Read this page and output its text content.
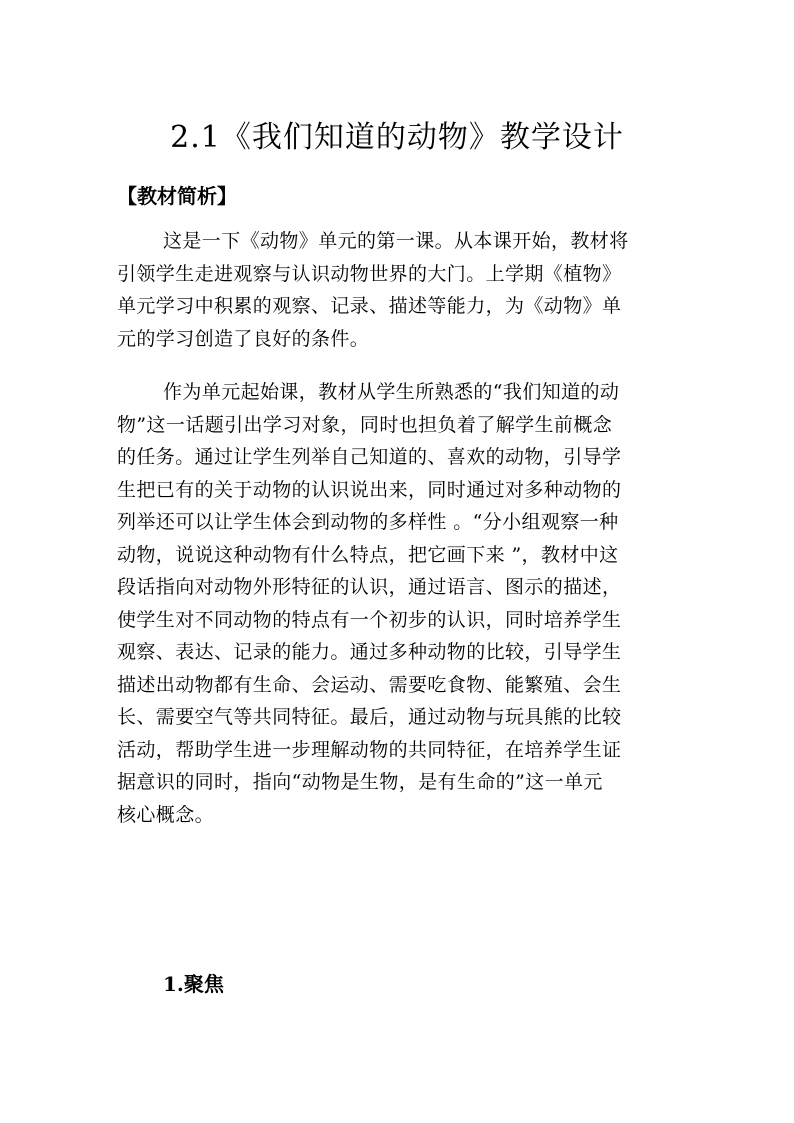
2.1《我们知道的动物》教学设计
【教材简析】
这是一下《动物》单元的第一课。从本课开始，教材将
引领学生走进观察与认识动物世界的大门。上学期《植物》
单元学习中积累的观察、记录、描述等能力，为《动物》单
元的学习创造了良好的条件。
作为单元起始课，教材从学生所熟悉的“我们知道的动
物”这一话题引出学习对象，同时也担负着了解学生前概念
的任务。通过让学生列举自己知道的、喜欢的动物，引导学
生把已有的关于动物的认识说出来，同时通过对多种动物的
列举还可以让学生体会到动物的多样性 。“分小组观察一种
动物，说说这种动物有什么特点，把它画下来 ”，教材中这
段话指向对动物外形特征的认识，通过语言、图示的描述，
使学生对不同动物的特点有一个初步的认识，同时培养学生
观察、表达、记录的能力。通过多种动物的比较，引导学生
描述出动物都有生命、会运动、需要吃食物、能繁殖、会生
长、需要空气等共同特征。最后，通过动物与玩具熊的比较
活动，帮助学生进一步理解动物的共同特征，在培养学生证
据意识的同时，指向“动物是生物，是有生命的”这一单元
核心概念。
1.聚焦
